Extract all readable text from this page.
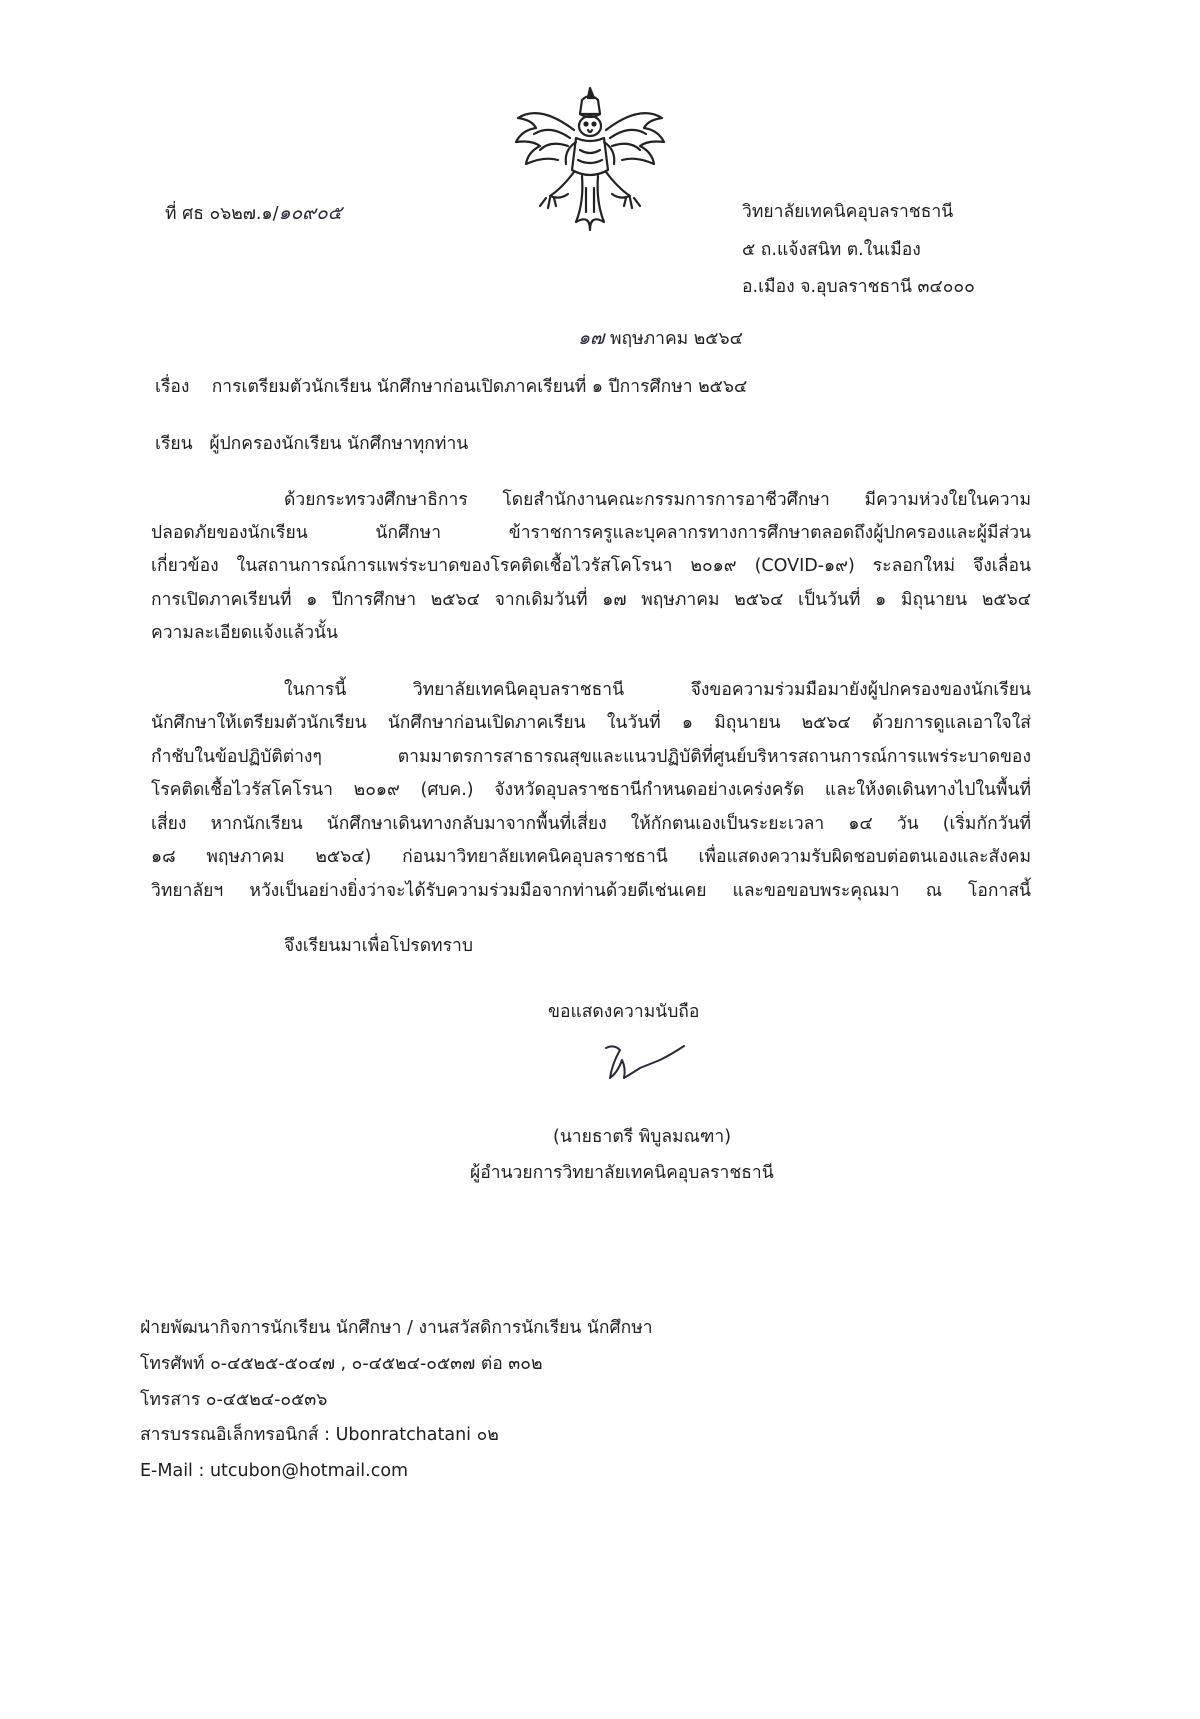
ที่ ศธ ๐๖๒๗.๑/๑๐๙๐๕	วิทยาลัยเทคนิคอุบลราชธานี
๕ ถ.แจ้งสนิท ต.ในเมือง
อ.เมือง จ.อุบลราชธานี ๓๔๐๐๐
๑๗ พฤษภาคม ๒๕๖๔
เรื่อง การเตรียมตัวนักเรียน นักศึกษาก่อนเปิดภาคเรียนที่ ๑ ปีการศึกษา ๒๕๖๔
เรียน ผู้ปกครองนักเรียน นักศึกษาทุกท่าน
ด้วยกระทรวงศึกษาธิการ โดยสำนักงานคณะกรรมการการอาชีวศึกษา มีความห่วงใยในความ
ปลอดภัยของนักเรียน นักศึกษา ข้าราชการครูและบุคลากรทางการศึกษาตลอดถึงผู้ปกครองและผู้มีส่วน
เกี่ยวข้อง ในสถานการณ์การแพร่ระบาดของโรคติดเชื้อไวรัสโคโรนา ๒๐๑๙ (COVID-๑๙) ระลอกใหม่ จึงเลื่อน
การเปิดภาคเรียนที่ ๑ ปีการศึกษา ๒๕๖๔ จากเดิมวันที่ ๑๗ พฤษภาคม ๒๕๖๔ เป็นวันที่ ๑ มิถุนายน ๒๕๖๔
ความละเอียดแจ้งแล้วนั้น
ในการนี้ วิทยาลัยเทคนิคอุบลราชธานี จึงขอความร่วมมือมายังผู้ปกครองของนักเรียน
นักศึกษาให้เตรียมตัวนักเรียน นักศึกษาก่อนเปิดภาคเรียน ในวันที่ ๑ มิถุนายน ๒๕๖๔ ด้วยการดูแลเอาใจใส่
กำชับในข้อปฏิบัติต่างๆ ตามมาตรการสาธารณสุขและแนวปฏิบัติที่ศูนย์บริหารสถานการณ์การแพร่ระบาดของ
โรคติดเชื้อไวรัสโคโรนา ๒๐๑๙ (ศบค.) จังหวัดอุบลราชธานีกำหนดอย่างเคร่งครัด และให้งดเดินทางไปในพื้นที่
เสี่ยง หากนักเรียน นักศึกษาเดินทางกลับมาจากพื้นที่เสี่ยง ให้กักตนเองเป็นระยะเวลา ๑๔ วัน (เริ่มกักวันที่
๑๘ พฤษภาคม ๒๕๖๔) ก่อนมาวิทยาลัยเทคนิคอุบลราชธานี เพื่อแสดงความรับผิดชอบต่อตนเองและสังคม
วิทยาลัยฯ หวังเป็นอย่างยิ่งว่าจะได้รับความร่วมมือจากท่านด้วยดีเช่นเคย และขอขอบพระคุณมา ณ โอกาสนี้
จึงเรียนมาเพื่อโปรดทราบ
ขอแสดงความนับถือ
(นายธาตรี พิบูลมณฑา)
ผู้อำนวยการวิทยาลัยเทคนิคอุบลราชธานี
ฝ่ายพัฒนากิจการนักเรียน นักศึกษา / งานสวัสดิการนักเรียน นักศึกษา
โทรศัพท์ ๐-๔๕๒๕-๕๐๔๗ , ๐-๔๕๒๔-๐๕๓๗ ต่อ ๓๐๒
โทรสาร ๐-๔๕๒๔-๐๕๓๖
สารบรรณอิเล็กทรอนิกส์ : Ubonratchatani ๐๒
E-Mail : utcubon@hotmail.com
